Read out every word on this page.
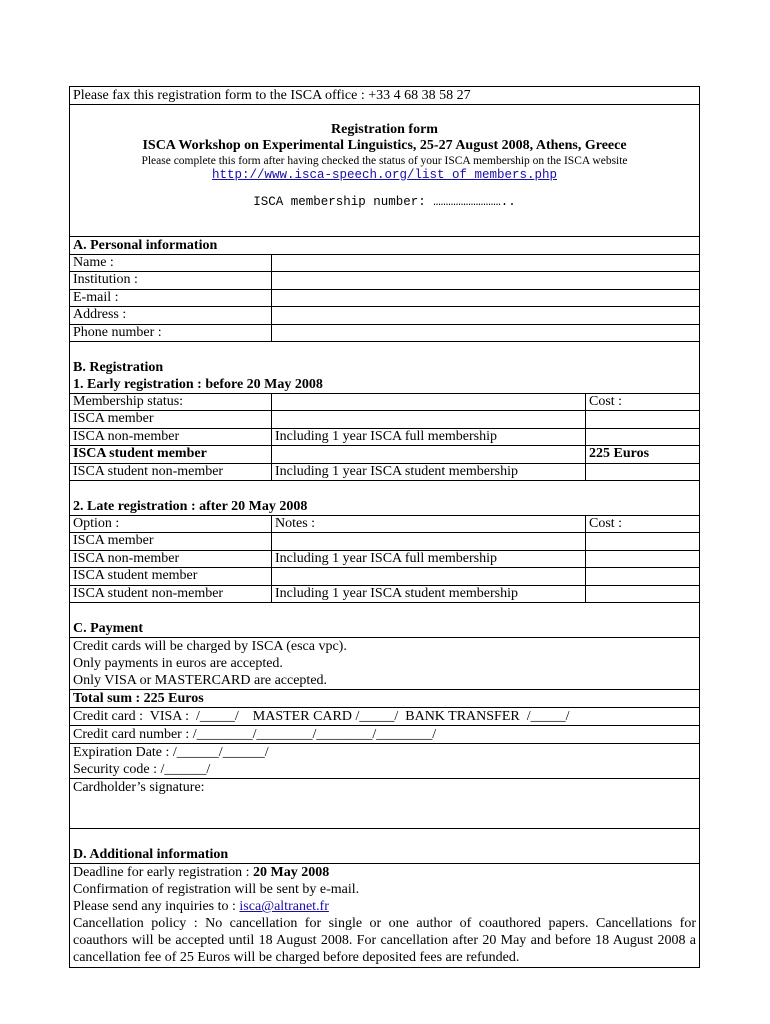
Please fax this registration form to the ISCA office : +33 4 68 38 58 27
Registration form
ISCA Workshop on Experimental Linguistics, 25-27 August 2008, Athens, Greece
Please complete this form after having checked the status of your ISCA membership on the ISCA website
http://www.isca-speech.org/list_of_members.php
ISCA membership number: ………………………..
A. Personal information
Name :	
Institution :	
E-mail :	
Address :	
Phone number :	
B. Registration
1. Early registration : before 20 May 2008
Membership status:		Cost :
ISCA member		
ISCA non-member	Including 1 year ISCA full membership	
ISCA student member		225 Euros
ISCA student non-member	Including 1 year ISCA student membership	
2. Late registration : after 20 May 2008
Option :	Notes :	Cost :
ISCA member		
ISCA non-member	Including 1 year ISCA full membership	
ISCA student member		
ISCA student non-member	Including 1 year ISCA student membership	
C. Payment
Credit cards will be charged by ISCA (esca vpc).
Only payments in euros are accepted.
Only VISA or MASTERCARD are accepted.
Total sum : 225 Euros
Credit card :  VISA :  /_____/    MASTER CARD /_____/  BANK TRANSFER  /_____/
Credit card number : /________/________/________/________/
Expiration Date : /______/______/
Security code : /______/
Cardholder’s signature:
D. Additional information
Deadline for early registration : 20 May 2008
Confirmation of registration will be sent by e-mail.
Please send any inquiries to : isca@altranet.fr
Cancellation policy : No cancellation for single or one author of coauthored papers. Cancellations for coauthors will be accepted until 18 August 2008. For cancellation after 20 May and before 18 August 2008 a cancellation fee of 25 Euros will be charged before deposited fees are refunded.
